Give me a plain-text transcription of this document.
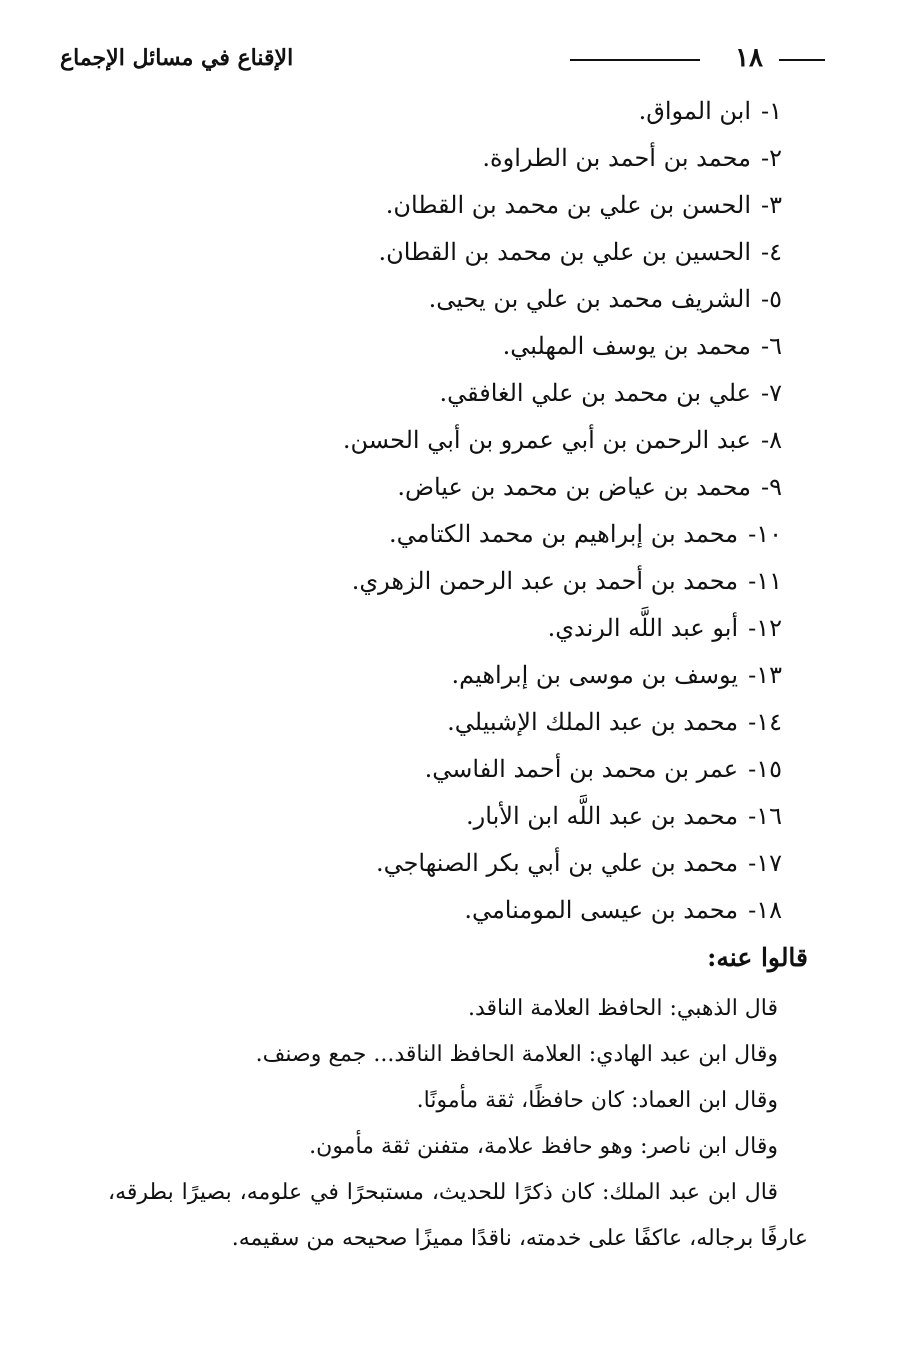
١٨
الإقناع في مسائل الإجماع
١-ابن المواق.
٢-محمد بن أحمد بن الطراوة.
٣-الحسن بن علي بن محمد بن القطان.
٤-الحسين بن علي بن محمد بن القطان.
٥-الشريف محمد بن علي بن يحيى.
٦-محمد بن يوسف المهلبي.
٧-علي بن محمد بن علي الغافقي.
٨-عبد الرحمن بن أبي عمرو بن أبي الحسن.
٩-محمد بن عياض بن محمد بن عياض.
١٠-محمد بن إبراهيم بن محمد الكتامي.
١١-محمد بن أحمد بن عبد الرحمن الزهري.
١٢-أبو عبد اللَّه الرندي.
١٣-يوسف بن موسى بن إبراهيم.
١٤-محمد بن عبد الملك الإشبيلي.
١٥-عمر بن محمد بن أحمد الفاسي.
١٦-محمد بن عبد اللَّه ابن الأبار.
١٧-محمد بن علي بن أبي بكر الصنهاجي.
١٨-محمد بن عيسى المومنامي.
قالوا عنه:
قال الذهبي: الحافظ العلامة الناقد.
وقال ابن عبد الهادي: العلامة الحافظ الناقد... جمع وصنف.
وقال ابن العماد: كان حافظًا، ثقة مأمونًا.
وقال ابن ناصر: وهو حافظ علامة، متفنن ثقة مأمون.

قال ابن عبد الملك: كان ذكرًا للحديث، مستبحرًا في علومه، بصيرًا بطرقه، عارفًا برجاله، عاكفًا على خدمته، ناقدًا مميزًا صحيحه من سقيمه.
